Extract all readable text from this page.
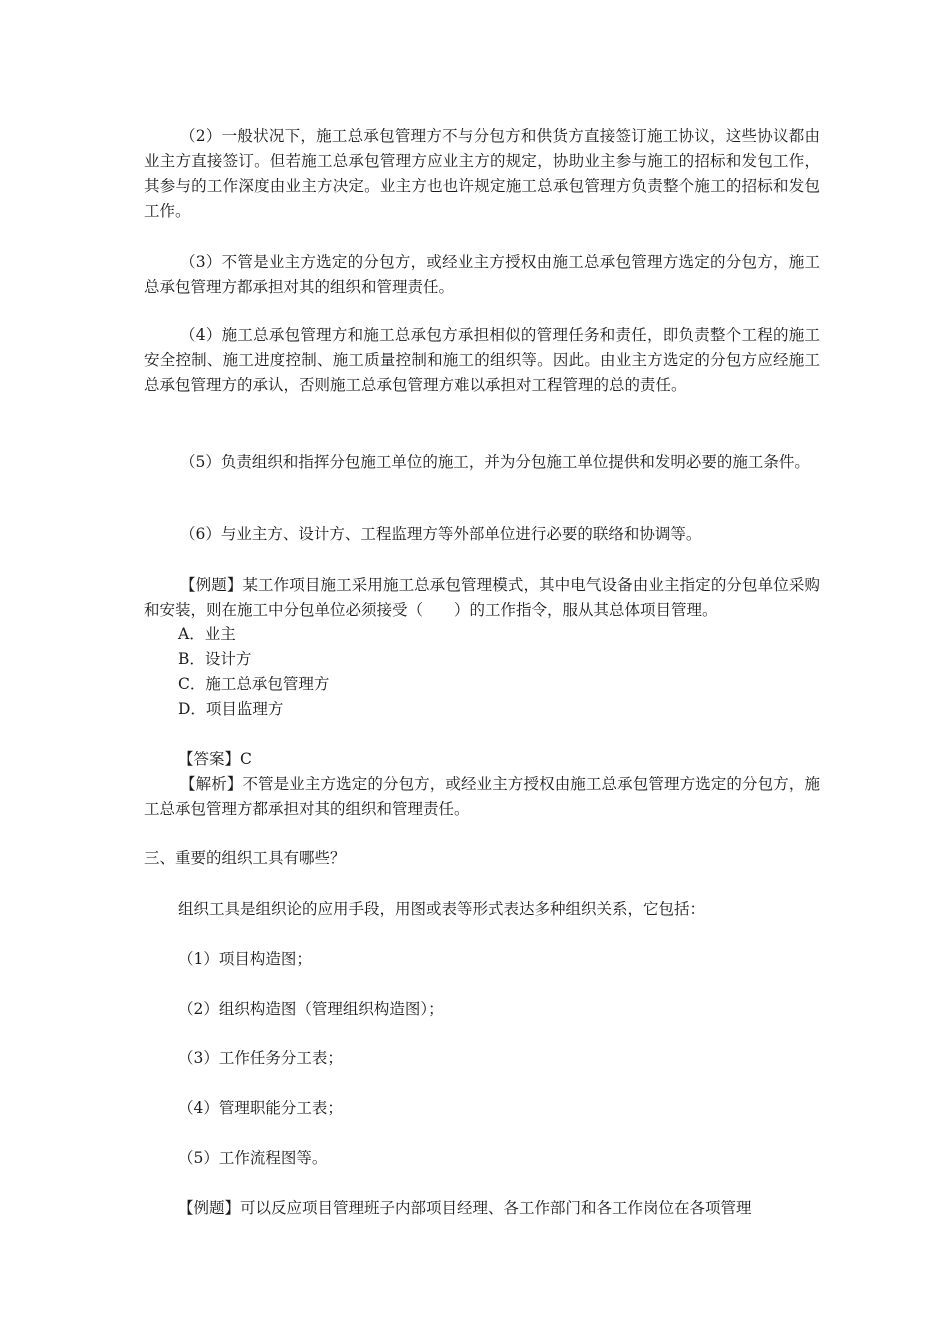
（2）一般状况下，施工总承包管理方不与分包方和供货方直接签订施工协议，这些协议都由业主方直接签订。但若施工总承包管理方应业主方的规定，协助业主参与施工的招标和发包工作，其参与的工作深度由业主方决定。业主方也也许规定施工总承包管理方负责整个施工的招标和发包工作。

（3）不管是业主方选定的分包方，或经业主方授权由施工总承包管理方选定的分包方，施工总承包管理方都承担对其的组织和管理责任。

（4）施工总承包管理方和施工总承包方承担相似的管理任务和责任，即负责整个工程的施工安全控制、施工进度控制、施工质量控制和施工的组织等。因此。由业主方选定的分包方应经施工总承包管理方的承认，否则施工总承包管理方难以承担对工程管理的总的责任。

（5）负责组织和指挥分包施工单位的施工，并为分包施工单位提供和发明必要的施工条件。

（6）与业主方、设计方、工程监理方等外部单位进行必要的联络和协调等。

【例题】某工作项目施工采用施工总承包管理模式，其中电气设备由业主指定的分包单位采购和安装，则在施工中分包单位必须接受（　　）的工作指令，服从其总体项目管理。

A．业主
B．设计方
C．施工总承包管理方
D．项目监理方
【答案】C

【解析】不管是业主方选定的分包方，或经业主方授权由施工总承包管理方选定的分包方，施工总承包管理方都承担对其的组织和管理责任。

三、重要的组织工具有哪些？
组织工具是组织论的应用手段，用图或表等形式表达多种组织关系，它包括：
（1）项目构造图；
（2）组织构造图（管理组织构造图）；
（3）工作任务分工表；
（4）管理职能分工表；
（5）工作流程图等。
【例题】可以反应项目管理班子内部项目经理、各工作部门和各工作岗位在各项管理
